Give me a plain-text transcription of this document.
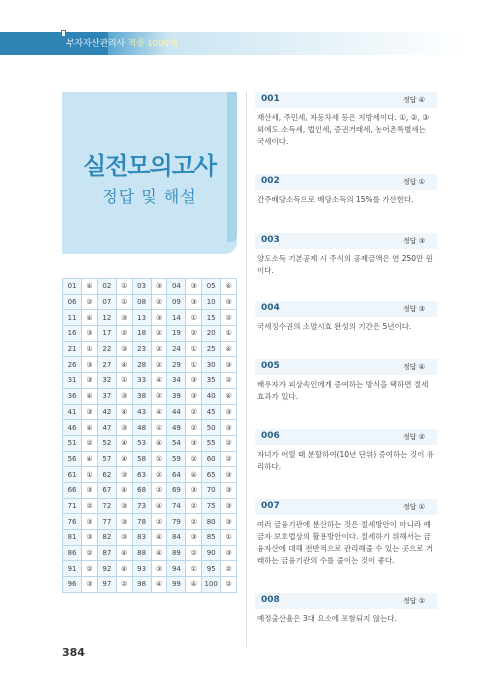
부자자산관리사 적중 1000제
실전모의고사
정답 및 해설
01	④	02	①	03	③	04	③	05	④
06	②	07	①	08	②	09	③	10	③
11	④	12	③	13	③	14	①	15	②
16	③	17	②	18	②	19	②	20	①
21	①	22	③	23	②	24	①	25	④
26	③	27	④	28	②	29	①	30	③
31	③	32	①	33	④	34	③	35	②
36	④	37	③	38	②	39	③	40	④
41	③	42	④	43	④	44	②	45	③
46	④	47	③	48	①	49	②	50	③
51	②	52	④	53	④	54	③	55	②
56	④	57	④	58	①	59	②	60	②
61	①	62	③	63	②	64	④	65	③
66	③	67	④	68	②	69	③	70	③
71	②	72	③	73	④	74	②	75	③
76	③	77	③	78	②	79	②	80	③
81	③	82	③	83	④	84	③	85	①
86	②	87	④	88	④	89	②	90	③
91	②	92	④	93	③	94	①	95	②
96	③	97	②	98	④	99	④	100	②
001	정답 ④
재산세, 주민세, 자동차세 등은 지방세이다. ①, ②, ③ 외에도 소득세, 법인세, 증권거래세, 농어촌특별세는 국세이다.
002	정답 ①
간주배당소득으로 배당소득의 15%를 가산한다.
003	정답 ③
양도소득 기본공제 시 주식의 공제금액은 연 250만 원이다.
004	정답 ③
국세징수권의 소멸시효 완성의 기간은 5년이다.
005	정답 ④
배우자가 피상속인에게 증여하는 방식을 택하면 절세효과가 있다.
006	정답 ②
자녀가 어릴 때 분할하여(10년 단위) 증여하는 것이 유리하다.
007	정답 ①
여러 금융기관에 분산하는 것은 절세방안이 아니라 예금자 보호법상의 활용방안이다. 절세하기 위해서는 금융자산에 대해 전반적으로 관리해줄 수 있는 곳으로 거래하는 금융기관의 수를 줄이는 것이 좋다.
008	정답 ②
예정출산율은 3대 요소에 포함되지 않는다.
384
